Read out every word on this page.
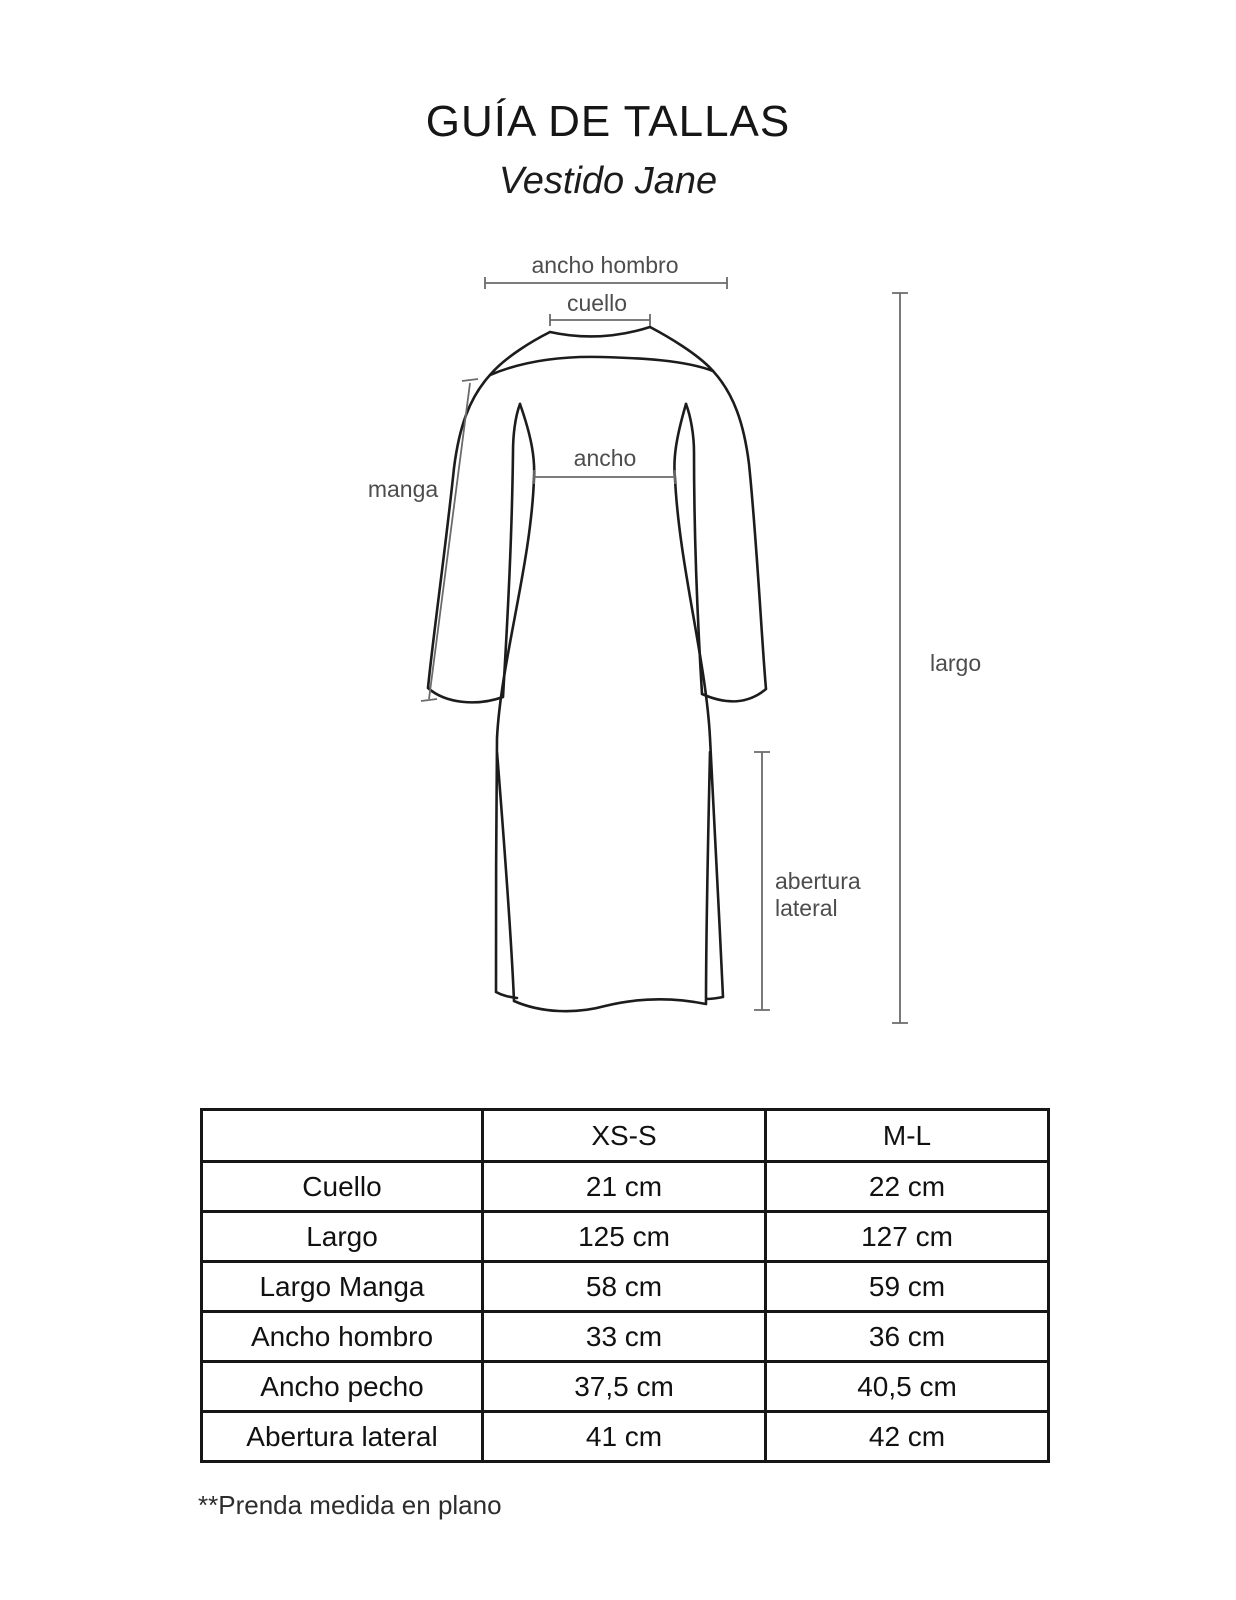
GUÍA DE TALLAS
Vestido Jane
ancho hombro
cuello
ancho
manga
largo
abertura
lateral
	XS-S	M-L
Cuello	21 cm	22 cm
Largo	125 cm	127 cm
Largo Manga	58 cm	59 cm
Ancho hombro	33 cm	36 cm
Ancho pecho	37,5 cm	40,5 cm
Abertura lateral	41 cm	42 cm

**Prenda medida en plano
